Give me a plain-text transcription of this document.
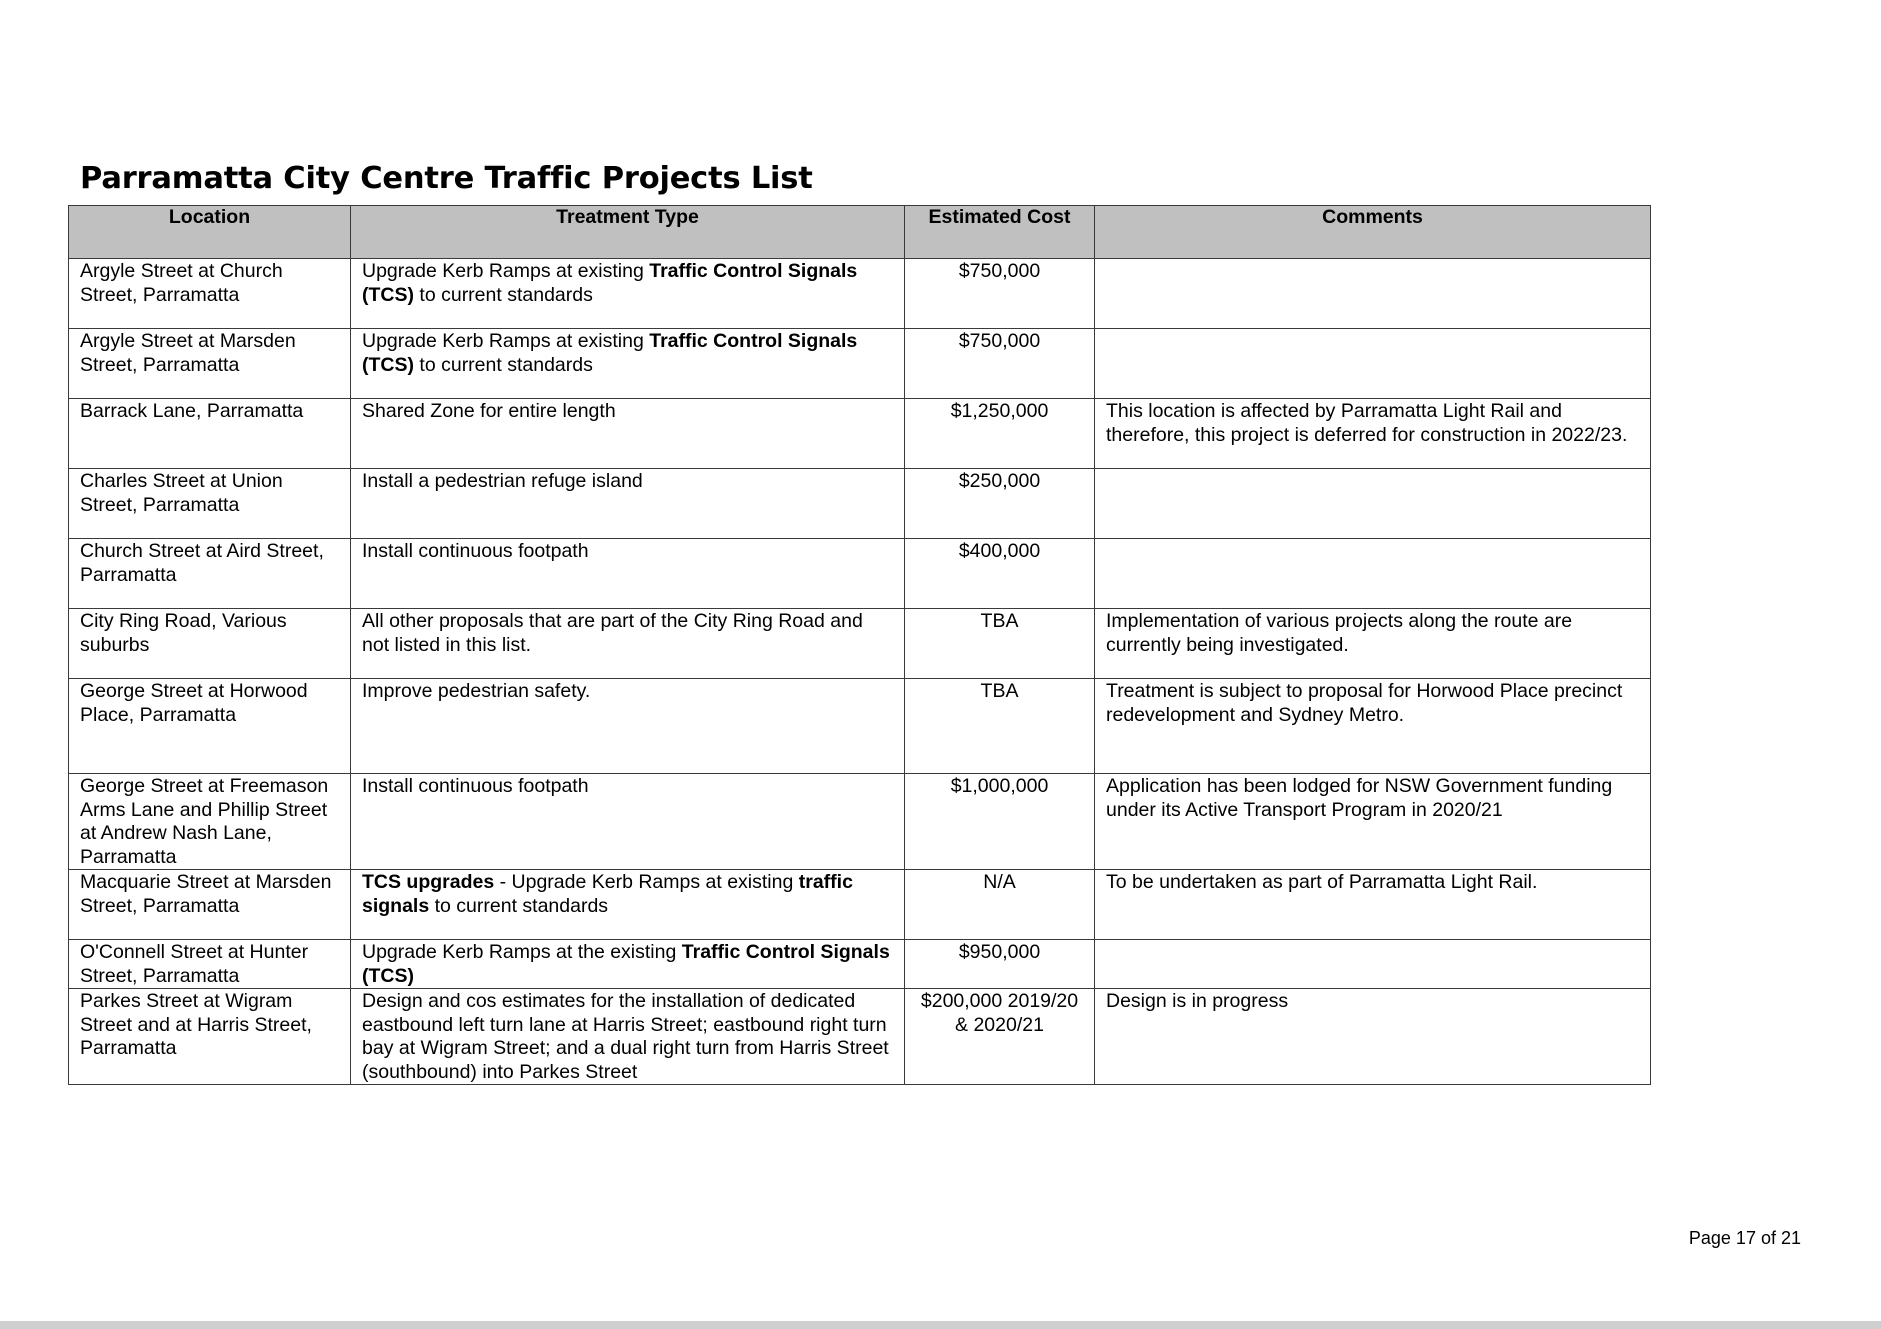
Parramatta City Centre Traffic Projects List
Location	Treatment Type	Estimated Cost	Comments
Argyle Street at Church Street, Parramatta	Upgrade Kerb Ramps at existing Traffic Control Signals (TCS) to current standards	$750,000	
Argyle Street at Marsden Street, Parramatta	Upgrade Kerb Ramps at existing Traffic Control Signals (TCS) to current standards	$750,000	
Barrack Lane, Parramatta	Shared Zone for entire length	$1,250,000	This location is affected by Parramatta Light Rail and therefore, this project is deferred for construction in 2022/23.
Charles Street at Union Street, Parramatta	Install a pedestrian refuge island	$250,000	
Church Street at Aird Street, Parramatta	Install continuous footpath	$400,000	
City Ring Road, Various suburbs	All other proposals that are part of the City Ring Road and not listed in this list.	TBA	Implementation of various projects along the route are currently being investigated.
George Street at Horwood Place, Parramatta	Improve pedestrian safety.	TBA	Treatment is subject to proposal for Horwood Place precinct redevelopment and Sydney Metro.
George Street at Freemason Arms Lane and Phillip Street at Andrew Nash Lane, Parramatta	Install continuous footpath	$1,000,000	Application has been lodged for NSW Government funding under its Active Transport Program in 2020/21
Macquarie Street at Marsden Street, Parramatta	TCS upgrades - Upgrade Kerb Ramps at existing traffic signals to current standards	N/A	To be undertaken as part of Parramatta Light Rail.
O'Connell Street at Hunter Street, Parramatta	Upgrade Kerb Ramps at the existing Traffic Control Signals (TCS)	$950,000	
Parkes Street at Wigram Street and at Harris Street, Parramatta	Design and cos estimates for the installation of dedicated eastbound left turn lane at Harris Street; eastbound right turn bay at Wigram Street; and a dual right turn from Harris Street (southbound) into Parkes Street	$200,000 2019/20 & 2020/21	Design is in progress
Page 17 of 21
